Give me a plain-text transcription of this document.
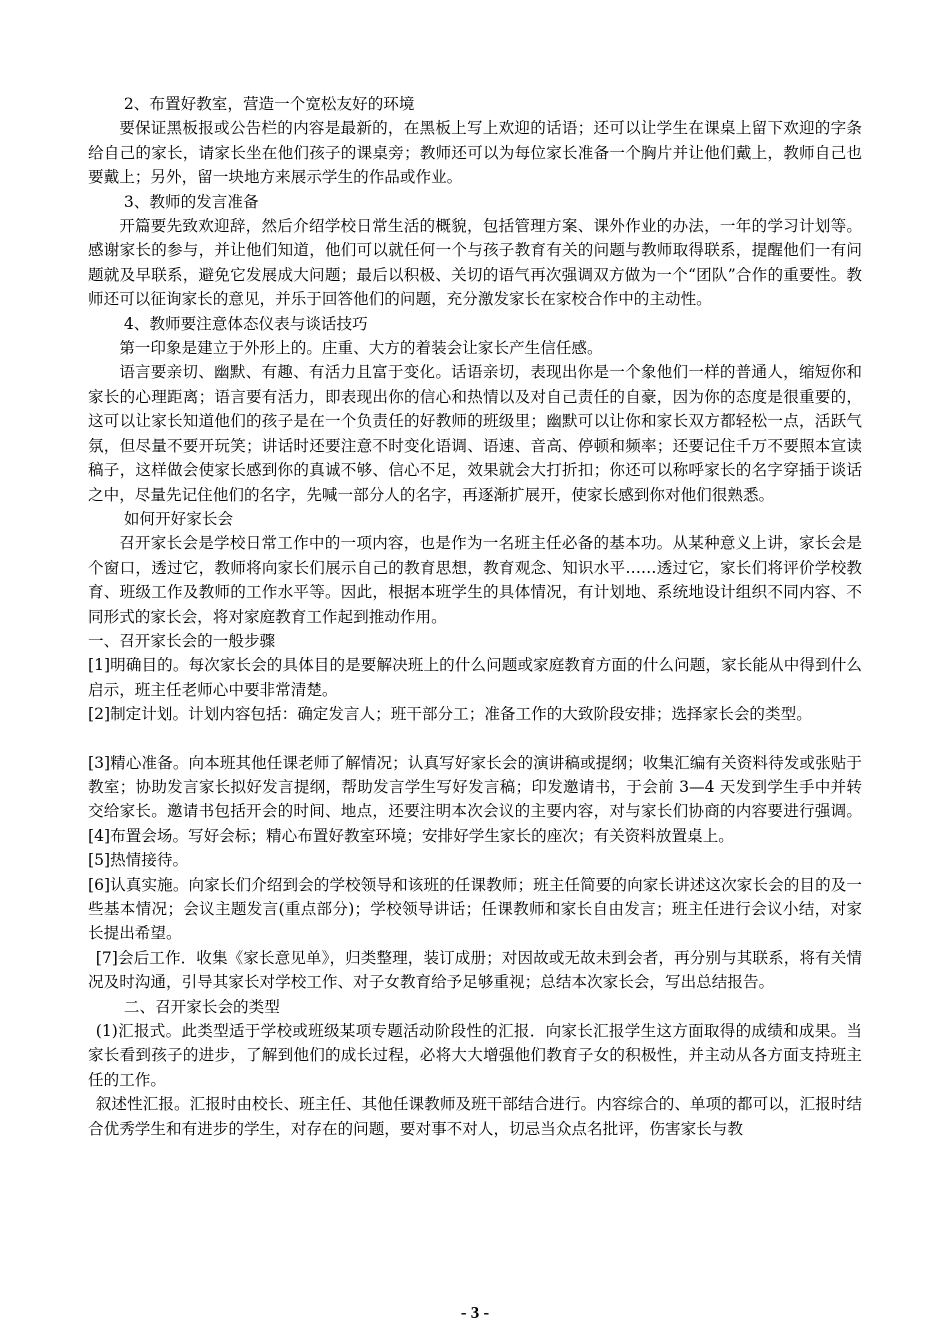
2、布置好教室，营造一个宽松友好的环境

要保证黑板报或公告栏的内容是最新的，在黑板上写上欢迎的话语；还可以让学生在课桌上留下欢迎的字条给自己的家长，请家长坐在他们孩子的课桌旁；教师还可以为每位家长准备一个胸片并让他们戴上，教师自己也要戴上；另外，留一块地方来展示学生的作品或作业。

3、教师的发言准备

开篇要先致欢迎辞，然后介绍学校日常生活的概貌，包括管理方案、课外作业的办法，一年的学习计划等。感谢家长的参与，并让他们知道，他们可以就任何一个与孩子教育有关的问题与教师取得联系，提醒他们一有问题就及早联系，避免它发展成大问题；最后以积极、关切的语气再次强调双方做为一个“团队”合作的重要性。教师还可以征询家长的意见，并乐于回答他们的问题，充分激发家长在家校合作中的主动性。

4、教师要注意体态仪表与谈话技巧

第一印象是建立于外形上的。庄重、大方的着装会让家长产生信任感。

语言要亲切、幽默、有趣、有活力且富于变化。话语亲切，表现出你是一个象他们一样的普通人，缩短你和家长的心理距离；语言要有活力，即表现出你的信心和热情以及对自己责任的自豪，因为你的态度是很重要的，这可以让家长知道他们的孩子是在一个负责任的好教师的班级里；幽默可以让你和家长双方都轻松一点，活跃气氛，但尽量不要开玩笑；讲话时还要注意不时变化语调、语速、音高、停顿和频率；还要记住千万不要照本宣读稿子，这样做会使家长感到你的真诚不够、信心不足，效果就会大打折扣；你还可以称呼家长的名字穿插于谈话之中，尽量先记住他们的名字，先喊一部分人的名字，再逐渐扩展开，使家长感到你对他们很熟悉。

如何开好家长会

召开家长会是学校日常工作中的一项内容，也是作为一名班主任必备的基本功。从某种意义上讲，家长会是个窗口，透过它，教师将向家长们展示自己的教育思想，教育观念、知识水平……透过它，家长们将评价学校教育、班级工作及教师的工作水平等。因此，根据本班学生的具体情况，有计划地、系统地设计组织不同内容、不同形式的家长会，将对家庭教育工作起到推动作用。

一、召开家长会的一般步骤

[1]明确目的。每次家长会的具体目的是要解决班上的什么问题或家庭教育方面的什么问题，家长能从中得到什么启示，班主任老师心中要非常清楚。

[2]制定计划。计划内容包括：确定发言人；班干部分工；准备工作的大致阶段安排；选择家长会的类型。

[3]精心准备。向本班其他任课老师了解情况；认真写好家长会的演讲稿或提纲；收集汇编有关资料待发或张贴于教室；协助发言家长拟好发言提纲，帮助发言学生写好发言稿；印发邀请书，于会前 3—4 天发到学生手中并转交给家长。邀请书包括开会的时间、地点，还要注明本次会议的主要内容，对与家长们协商的内容要进行强调。[4]布置会场。写好会标；精心布置好教室环境；安排好学生家长的座次；有关资料放置桌上。

[5]热情接待。

[6]认真实施。向家长们介绍到会的学校领导和该班的任课教师；班主任简要的向家长讲述这次家长会的目的及一些基本情况；会议主题发言(重点部分)；学校领导讲话；任课教师和家长自由发言；班主任进行会议小结，对家长提出希望。

[7]会后工作．收集《家长意见单》，归类整理，装订成册；对因故或无故未到会者，再分别与其联系，将有关情况及时沟通，引导其家长对学校工作、对子女教育给予足够重视；总结本次家长会，写出总结报告。

二、召开家长会的类型

(1)汇报式。此类型适于学校或班级某项专题活动阶段性的汇报．向家长汇报学生这方面取得的成绩和成果。当家长看到孩子的进步，了解到他们的成长过程，必将大大增强他们教育子女的积极性，并主动从各方面支持班主任的工作。

叙述性汇报。汇报时由校长、班主任、其他任课教师及班干部结合进行。内容综合的、单项的都可以，汇报时结合优秀学生和有进步的学生，对存在的问题，要对事不对人，切忌当众点名批评，伤害家长与教

- 3 -
